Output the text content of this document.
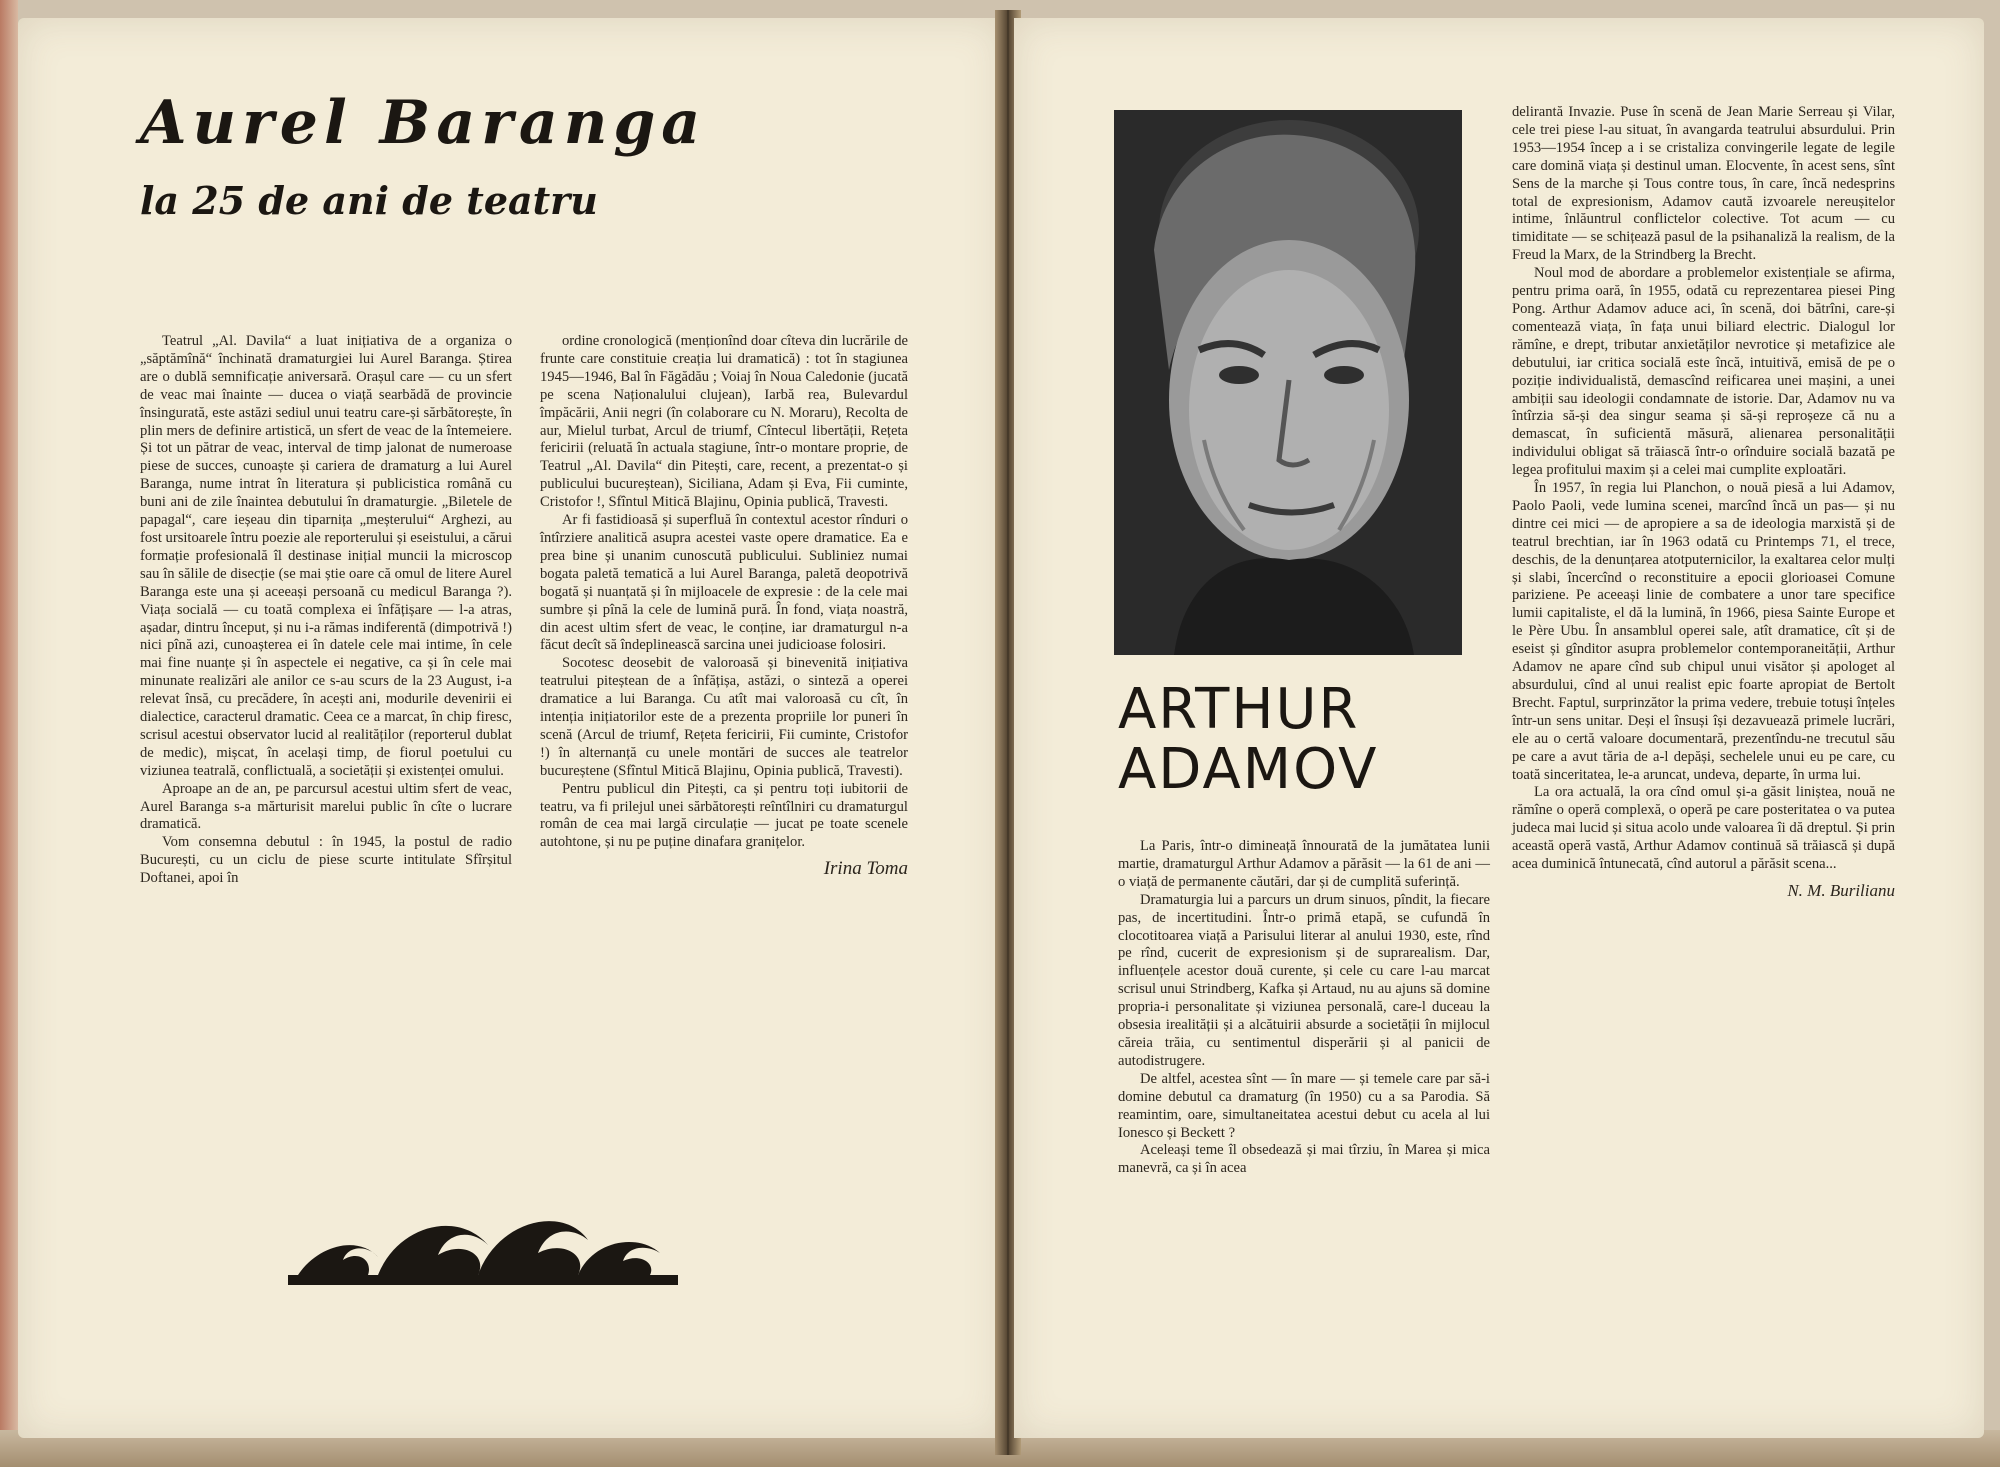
Aurel Baranga
la 25 de ani de teatru

Teatrul „Al. Davila“ a luat inițiativa de a organiza o „săptămînă“ închinată dramaturgiei lui Aurel Baranga. Știrea are o dublă semnificație aniversară. Orașul care — cu un sfert de veac mai înainte — ducea o viață searbădă de provincie însingurată, este astăzi sediul unui teatru care-și sărbătorește, în plin mers de definire artistică, un sfert de veac de la întemeiere. Și tot un pătrar de veac, interval de timp jalonat de numeroase piese de succes, cunoaște și cariera de dramaturg a lui Aurel Baranga, nume intrat în literatura și publicistica română cu buni ani de zile înaintea debutului în dramaturgie. „Biletele de papagal“, care ieșeau din tiparnița „meșterului“ Arghezi, au fost ursitoarele întru poezie ale reporterului și eseistului, a cărui formație profesională îl destinase inițial muncii la microscop sau în sălile de disecție (se mai știe oare că omul de litere Aurel Baranga este una și aceeași persoană cu medicul Baranga ?). Viața socială — cu toată complexa ei înfățișare — l-a atras, așadar, dintru început, și nu i-a rămas indiferentă (dimpotrivă !) nici pînă azi, cunoașterea ei în datele cele mai intime, în cele mai fine nuanțe și în aspectele ei negative, ca și în cele mai minunate realizări ale anilor ce s-au scurs de la 23 August, i-a relevat însă, cu precădere, în acești ani, modurile devenirii ei dialectice, caracterul dramatic. Ceea ce a marcat, în chip firesc, scrisul acestui observator lucid al realităților (reporterul dublat de medic), mișcat, în același timp, de fiorul poetului cu viziunea teatrală, conflictuală, a societății și existenței omului.

Aproape an de an, pe parcursul acestui ultim sfert de veac, Aurel Baranga s-a mărturisit marelui public în cîte o lucrare dramatică.

Vom consemna debutul : în 1945, la postul de radio București, cu un ciclu de piese scurte intitulate Sfîrșitul Doftanei, apoi în

ordine cronologică (menționînd doar cîteva din lucrările de frunte care constituie creația lui dramatică) : tot în stagiunea 1945—1946, Bal în Făgădău ; Voiaj în Noua Caledonie (jucată pe scena Naționalului clujean), Iarbă rea, Bulevardul împăcării, Anii negri (în colaborare cu N. Moraru), Recolta de aur, Mielul turbat, Arcul de triumf, Cîntecul libertății, Rețeta fericirii (reluată în actuala stagiune, într-o montare proprie, de Teatrul „Al. Davila“ din Pitești, care, recent, a prezentat-o și publicului bucureștean), Siciliana, Adam și Eva, Fii cuminte, Cristofor !, Sfîntul Mitică Blajinu, Opinia publică, Travesti.

Ar fi fastidioasă și superfluă în contextul acestor rînduri o întîrziere analitică asupra acestei vaste opere dramatice. Ea e prea bine și unanim cunoscută publicului. Subliniez numai bogata paletă tematică a lui Aurel Baranga, paletă deopotrivă bogată și nuanțată și în mijloacele de expresie : de la cele mai sumbre și pînă la cele de lumină pură. În fond, viața noastră, din acest ultim sfert de veac, le conține, iar dramaturgul n-a făcut decît să îndeplinească sarcina unei judicioase folosiri.

Socotesc deosebit de valoroasă și binevenită inițiativa teatrului piteștean de a înfățișa, astăzi, o sinteză a operei dramatice a lui Baranga. Cu atît mai valoroasă cu cît, în intenția inițiatorilor este de a prezenta propriile lor puneri în scenă (Arcul de triumf, Rețeta fericirii, Fii cuminte, Cristofor !) în alternanță cu unele montări de succes ale teatrelor bucureștene (Sfîntul Mitică Blajinu, Opinia publică, Travesti).

Pentru publicul din Pitești, ca și pentru toți iubitorii de teatru, va fi prilejul unei sărbătorești reîntîlniri cu dramaturgul român de cea mai largă circulație — jucat pe toate scenele autohtone, și nu pe puține dinafara granițelor.

Irina Toma
ARTHUR
ADAMOV

La Paris, într-o dimineață înnourată de la jumătatea lunii martie, dramaturgul Arthur Adamov a părăsit — la 61 de ani — o viață de permanente căutări, dar și de cumplită suferință.

Dramaturgia lui a parcurs un drum sinuos, pîndit, la fiecare pas, de incertitudini. Într-o primă etapă, se cufundă în clocotitoarea viață a Parisului literar al anului 1930, este, rînd pe rînd, cucerit de expresionism și de suprarealism. Dar, influențele acestor două curente, și cele cu care l-au marcat scrisul unui Strindberg, Kafka și Artaud, nu au ajuns să domine propria-i personalitate și viziunea personală, care-l duceau la obsesia irealității și a alcătuirii absurde a societății în mijlocul căreia trăia, cu sentimentul disperării și al panicii de autodistrugere.

De altfel, acestea sînt — în mare — și temele care par să-i domine debutul ca dramaturg (în 1950) cu a sa Parodia. Să reamintim, oare, simultaneitatea acestui debut cu acela al lui Ionesco și Beckett ?

Aceleași teme îl obsedează și mai tîrziu, în Marea și mica manevră, ca și în acea

delirantă Invazie. Puse în scenă de Jean Marie Serreau și Vilar, cele trei piese l-au situat, în avangarda teatrului absurdului. Prin 1953—1954 încep a i se cristaliza convingerile legate de legile care domină viața și destinul uman. Elocvente, în acest sens, sînt Sens de la marche și Tous contre tous, în care, încă nedesprins total de expresionism, Adamov caută izvoarele nereușitelor intime, înlăuntrul conflictelor colective. Tot acum — cu timiditate — se schițează pasul de la psihanaliză la realism, de la Freud la Marx, de la Strindberg la Brecht.

Noul mod de abordare a problemelor existențiale se afirma, pentru prima oară, în 1955, odată cu reprezentarea piesei Ping Pong. Arthur Adamov aduce aci, în scenă, doi bătrîni, care-și comentează viața, în fața unui biliard electric. Dialogul lor rămîne, e drept, tributar anxietăților nevrotice și metafizice ale debutului, iar critica socială este încă, intuitivă, emisă de pe o poziție individualistă, demascînd reificarea unei mașini, a unei ambiții sau ideologii condamnate de istorie. Dar, Adamov nu va întîrzia să-și dea singur seama și să-și reproșeze că nu a demascat, în suficientă măsură, alienarea personalității individului obligat să trăiască într-o orînduire socială bazată pe legea profitului maxim și a celei mai cumplite exploatări.

În 1957, în regia lui Planchon, o nouă piesă a lui Adamov, Paolo Paoli, vede lumina scenei, marcînd încă un pas— și nu dintre cei mici — de apropiere a sa de ideologia marxistă și de teatrul brechtian, iar în 1963 odată cu Printemps 71, el trece, deschis, de la denunțarea atotputernicilor, la exaltarea celor mulți și slabi, încercînd o reconstituire a epocii glorioasei Comune pariziene. Pe aceeași linie de combatere a unor tare specifice lumii capitaliste, el dă la lumină, în 1966, piesa Sainte Europe et le Père Ubu. În ansamblul operei sale, atît dramatice, cît și de eseist și gînditor asupra problemelor contemporaneității, Arthur Adamov ne apare cînd sub chipul unui visător și apologet al absurdului, cînd al unui realist epic foarte apropiat de Bertolt Brecht. Faptul, surprinzător la prima vedere, trebuie totuși înțeles într-un sens unitar. Deși el însuși își dezavuează primele lucrări, ele au o certă valoare documentară, prezentîndu-ne trecutul său pe care a avut tăria de a-l depăși, sechelele unui eu pe care, cu toată sinceritatea, le-a aruncat, undeva, departe, în urma lui.

La ora actuală, la ora cînd omul și-a găsit liniștea, nouă ne rămîne o operă complexă, o operă pe care posteritatea o va putea judeca mai lucid și situa acolo unde valoarea îi dă dreptul. Și prin această operă vastă, Arthur Adamov continuă să trăiască și după acea duminică întunecată, cînd autorul a părăsit scena...

N. M. Burilianu
